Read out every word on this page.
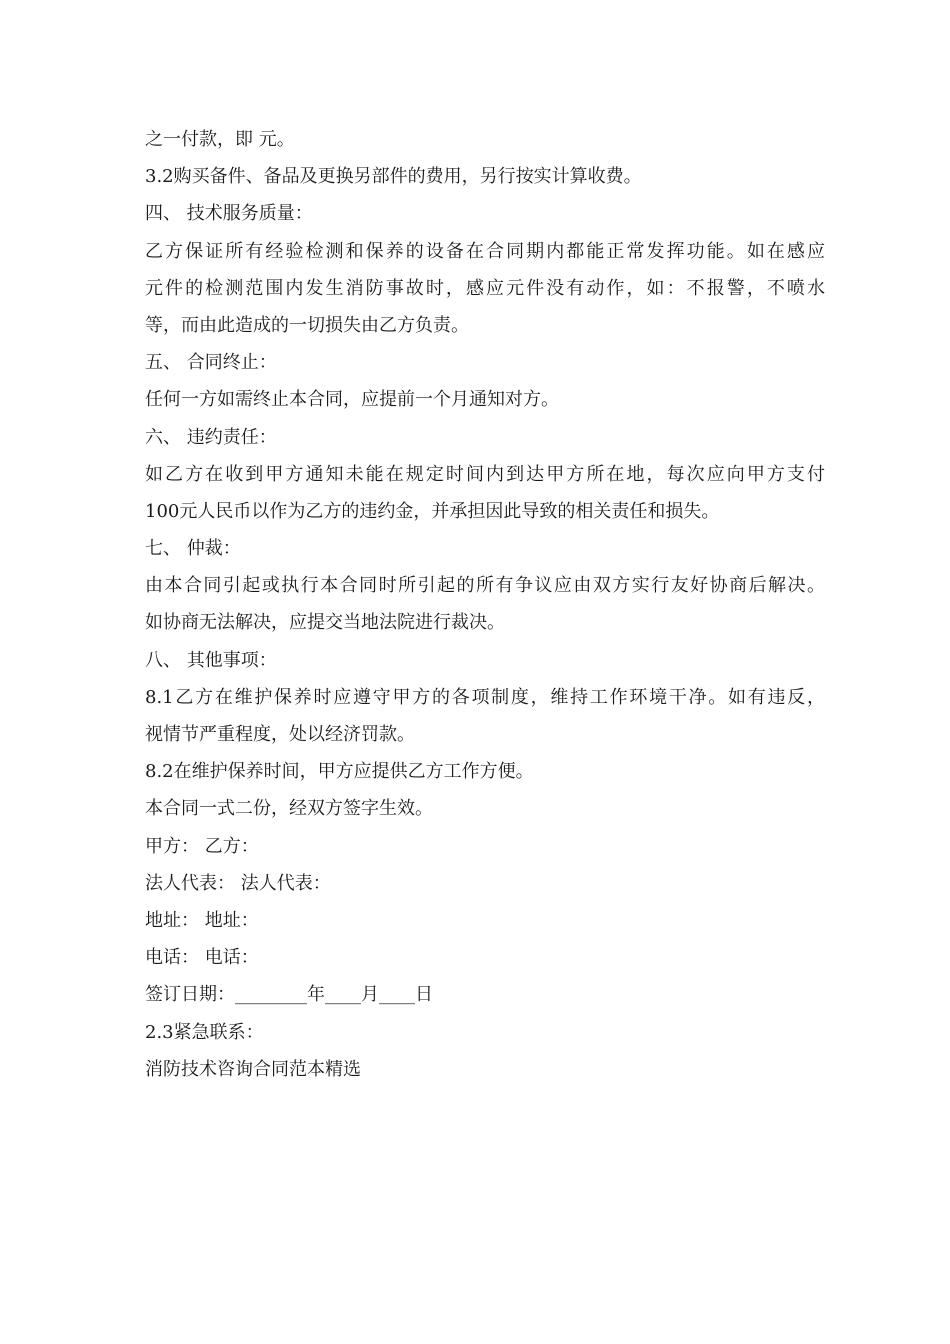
之一付款，即 元。
3.2购买备件、备品及更换另部件的费用，另行按实计算收费。
四、 技术服务质量：
乙方保证所有经验检测和保养的设备在合同期内都能正常发挥功能。如在感应
元件的检测范围内发生消防事故时，感应元件没有动作，如：不报警，不喷水
等，而由此造成的一切损失由乙方负责。
五、 合同终止：
任何一方如需终止本合同，应提前一个月通知对方。
六、 违约责任：
如乙方在收到甲方通知未能在规定时间内到达甲方所在地，每次应向甲方支付
100元人民币以作为乙方的违约金，并承担因此导致的相关责任和损失。
七、 仲裁：
由本合同引起或执行本合同时所引起的所有争议应由双方实行友好协商后解决。
如协商无法解决，应提交当地法院进行裁决。
八、 其他事项：
8.1乙方在维护保养时应遵守甲方的各项制度，维持工作环境干净。如有违反，
视情节严重程度，处以经济罚款。
8.2在维护保养时间，甲方应提供乙方工作方便。
本合同一式二份，经双方签字生效。
甲方： 乙方：
法人代表： 法人代表：
地址： 地址：
电话： 电话：
签订日期：________年____月____日
2.3紧急联系：
消防技术咨询合同范本精选
